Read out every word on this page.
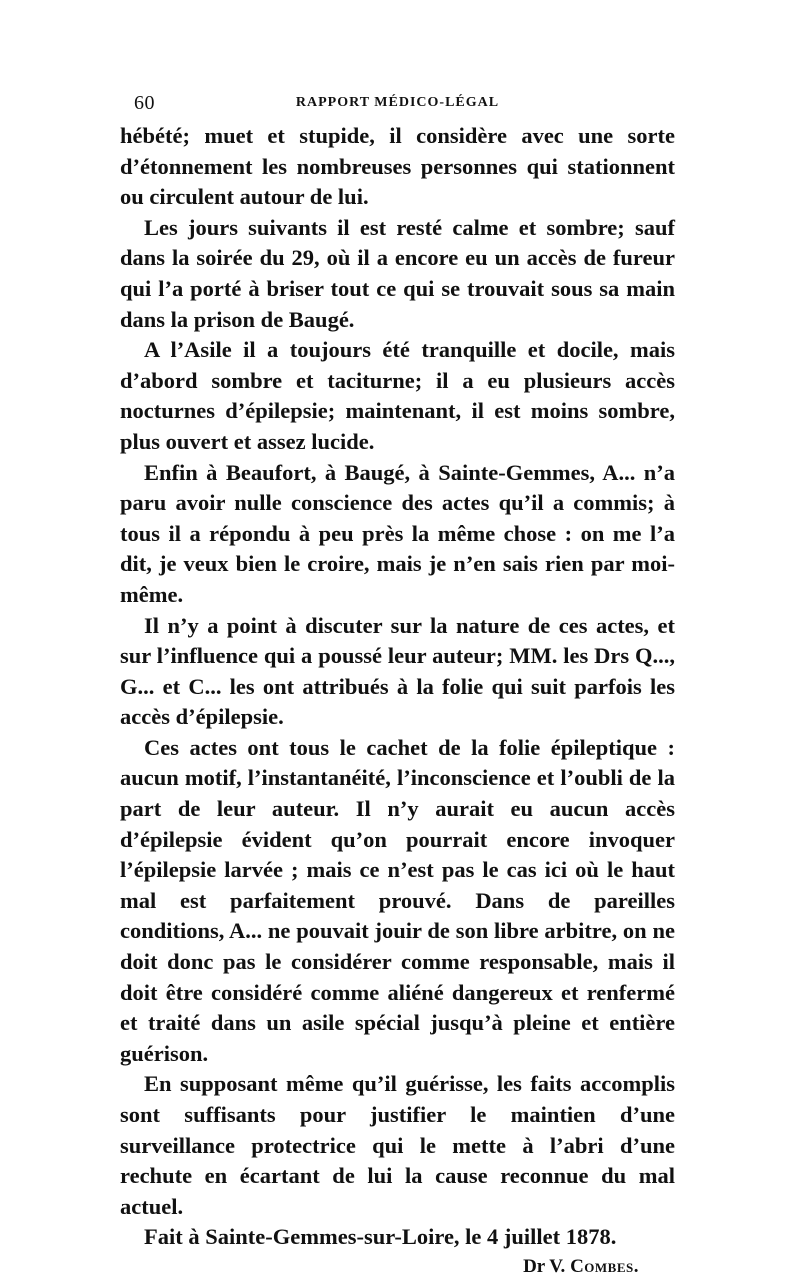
60	RAPPORT MÉDICO-LÉGAL

hébété; muet et stupide, il considère avec une sorte d’étonnement les nombreuses personnes qui stationnent ou circulent autour de lui.

Les jours suivants il est resté calme et sombre; sauf dans la soirée du 29, où il a encore eu un accès de fureur qui l’a porté à briser tout ce qui se trouvait sous sa main dans la prison de Baugé.

A l’Asile il a toujours été tranquille et docile, mais d’abord sombre et taciturne; il a eu plusieurs accès nocturnes d’épilepsie; maintenant, il est moins sombre, plus ouvert et assez lucide.

Enfin à Beaufort, à Baugé, à Sainte-Gemmes, A... n’a paru avoir nulle conscience des actes qu’il a commis; à tous il a répondu à peu près la même chose : on me l’a dit, je veux bien le croire, mais je n’en sais rien par moi-même.

Il n’y a point à discuter sur la nature de ces actes, et sur l’influence qui a poussé leur auteur; MM. les Drs Q..., G... et C... les ont attribués à la folie qui suit parfois les accès d’épilepsie.

Ces actes ont tous le cachet de la folie épileptique : aucun motif, l’instantanéité, l’inconscience et l’oubli de la part de leur auteur. Il n’y aurait eu aucun accès d’épilepsie évident qu’on pourrait encore invoquer l’épilepsie larvée ; mais ce n’est pas le cas ici où le haut mal est parfaitement prouvé. Dans de pareilles conditions, A... ne pouvait jouir de son libre arbitre, on ne doit donc pas le considérer comme responsable, mais il doit être considéré comme aliéné dangereux et renfermé et traité dans un asile spécial jusqu’à pleine et entière guérison.

En supposant même qu’il guérisse, les faits accomplis sont suffisants pour justifier le maintien d’une surveillance protectrice qui le mette à l’abri d’une rechute en écartant de lui la cause reconnue du mal actuel.

Fait à Sainte-Gemmes-sur-Loire, le 4 juillet 1878.

Dr V. Combes.
